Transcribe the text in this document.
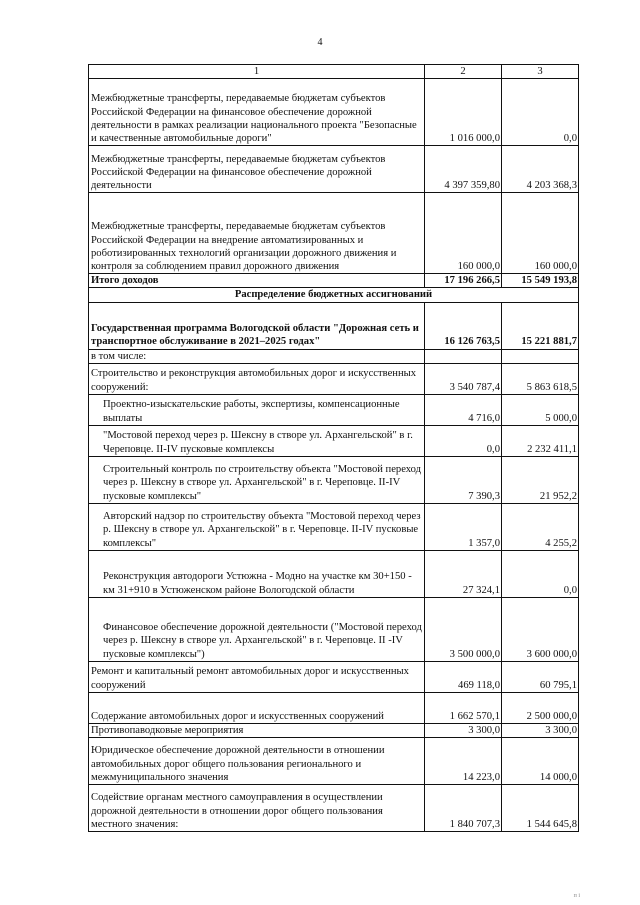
4
1	2	3
Межбюджетные трансферты, передаваемые бюджетам субъектов Российской Федерации на финансовое обеспечение дорожной деятельности в рамках реализации национального проекта "Безопасные и качественные автомобильные дороги"	1 016 000,0	0,0
Межбюджетные трансферты, передаваемые бюджетам субъектов Российской Федерации на финансовое обеспечение дорожной деятельности	4 397 359,80	4 203 368,3
Межбюджетные трансферты, передаваемые бюджетам субъектов Российской Федерации на внедрение автоматизированных и роботизированных технологий организации дорожного движения и контроля за соблюдением правил дорожного движения	160 000,0	160 000,0
Итого доходов	17 196 266,5	15 549 193,8
Распределение бюджетных ассигнований		
Государственная программа Вологодской области "Дорожная сеть и транспортное обслуживание в 2021–2025 годах"	16 126 763,5	15 221 881,7
в том числе:		
Строительство и реконструкция автомобильных дорог и искусственных сооружений:	3 540 787,4	5 863 618,5
Проектно-изыскательские работы, экспертизы, компенсационные выплаты	4 716,0	5 000,0
"Мостовой переход через р. Шексну в створе ул. Архангельской" в г. Череповце. II-IV пусковые комплексы	0,0	2 232 411,1
Строительный контроль по строительству объекта "Мостовой переход через р. Шексну в створе ул. Архангельской" в г. Череповце. II-IV пусковые комплексы"	7 390,3	21 952,2
Авторский надзор по строительству объекта "Мостовой переход через р. Шексну в створе ул. Архангельской" в г. Череповце. II-IV пусковые комплексы"	1 357,0	4 255,2
Реконструкция автодороги Устюжна - Модно на участке км 30+150 - км 31+910 в Устюженском районе Вологодской области	27 324,1	0,0
Финансовое обеспечение дорожной деятельности ("Мостовой переход через р. Шексну в створе ул. Архангельской" в г. Череповце. II -IV пусковые комплексы")	3 500 000,0	3 600 000,0
Ремонт и капитальный ремонт автомобильных дорог и искусственных сооружений	469 118,0	60 795,1
Содержание автомобильных дорог и искусственных сооружений	1 662 570,1	2 500 000,0
Противопаводковые мероприятия	3 300,0	3 300,0
Юридическое обеспечение дорожной деятельности в отношении автомобильных дорог общего пользования регионального и межмуниципального значения	14 223,0	14 000,0
Содействие органам местного самоуправления в осуществлении дорожной деятельности в отношении дорог общего пользования местного значения:	1 840 707,3	1 544 645,8
п і
